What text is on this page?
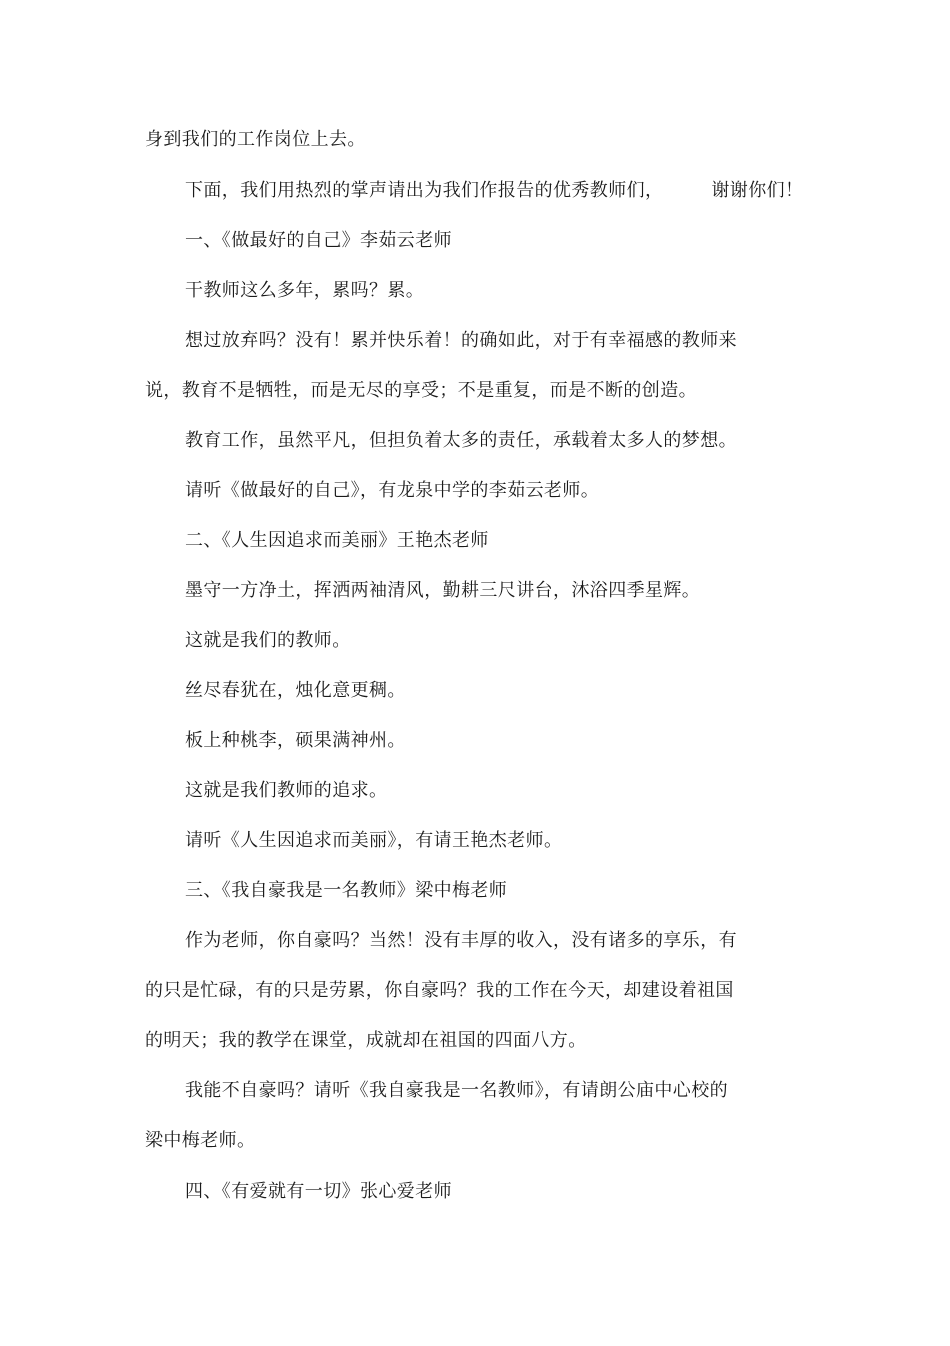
身到我们的工作岗位上去。
下面，我们用热烈的掌声请出为我们作报告的优秀教师们，	谢谢你们！
一、《做最好的自己》李茹云老师
干教师这么多年，累吗？累。
想过放弃吗？没有！累并快乐着！的确如此，对于有幸福感的教师来
说，教育不是牺牲，而是无尽的享受；不是重复，而是不断的创造。
教育工作，虽然平凡，但担负着太多的责任，承载着太多人的梦想。
请听《做最好的自己》，有龙泉中学的李茹云老师。
二、《人生因追求而美丽》王艳杰老师
墨守一方净土，挥洒两袖清风，勤耕三尺讲台，沐浴四季星辉。
这就是我们的教师。
丝尽春犹在，烛化意更稠。
板上种桃李，硕果满神州。
这就是我们教师的追求。
请听《人生因追求而美丽》，有请王艳杰老师。
三、《我自豪我是一名教师》梁中梅老师
作为老师，你自豪吗？当然！没有丰厚的收入，没有诸多的享乐，有
的只是忙碌，有的只是劳累，你自豪吗？我的工作在今天，却建设着祖国
的明天；我的教学在课堂，成就却在祖国的四面八方。
我能不自豪吗？请听《我自豪我是一名教师》，有请朗公庙中心校的
梁中梅老师。
四、《有爱就有一切》张心爱老师
